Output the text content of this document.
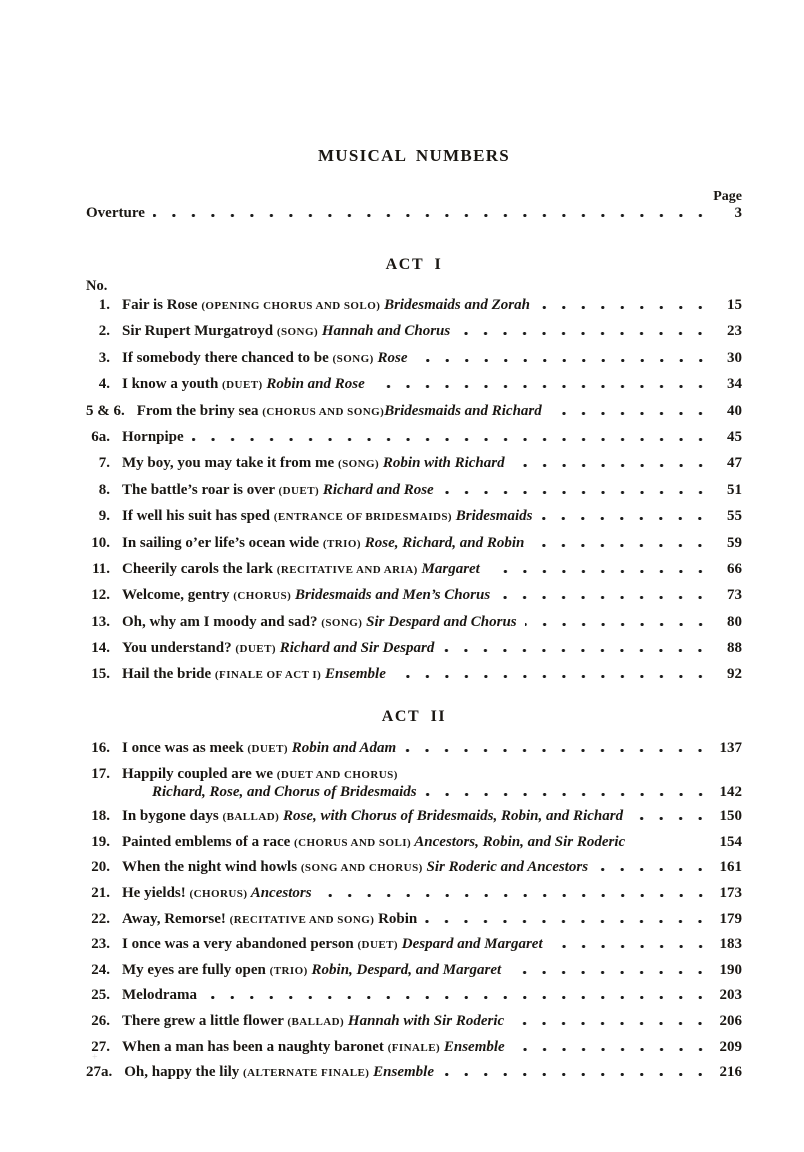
MUSICAL NUMBERS
Page
Overture	3
ACT I
No.
1. Fair is Rose (OPENING CHORUS AND SOLO) Bridesmaids and Zorah	15
2. Sir Rupert Murgatroyd (SONG) Hannah and Chorus	23
3. If somebody there chanced to be (SONG) Rose	30
4. I know a youth (DUET) Robin and Rose	34
5 & 6. From the briny sea (CHORUS AND SONG)Bridesmaids and Richard	40
6a. Hornpipe	45
7. My boy, you may take it from me (SONG) Robin with Richard	47
8. The battle’s roar is over (DUET) Richard and Rose	51
9. If well his suit has sped (ENTRANCE OF BRIDESMAIDS) Bridesmaids	55
10. In sailing o’er life’s ocean wide (TRIO) Rose, Richard, and Robin	59
11. Cheerily carols the lark (RECITATIVE AND ARIA) Margaret	66
12. Welcome, gentry (CHORUS) Bridesmaids and Men’s Chorus	73
13. Oh, why am I moody and sad? (SONG) Sir Despard and Chorus	80
14. You understand? (DUET) Richard and Sir Despard	88
15. Hail the bride (FINALE OF ACT I) Ensemble	92
ACT II
16. I once was as meek (DUET) Robin and Adam	137
17. Happily coupled are we (DUET AND CHORUS)
Richard, Rose, and Chorus of Bridesmaids	142
18. In bygone days (BALLAD) Rose, with Chorus of Bridesmaids, Robin, and Richard	150
19. Painted emblems of a race (CHORUS AND SOLI) Ancestors, Robin, and Sir Roderic	154
20. When the night wind howls (SONG AND CHORUS) Sir Roderic and Ancestors	161
21. He yields! (CHORUS) Ancestors	173
22. Away, Remorse! (RECITATIVE AND SONG) Robin	179
23. I once was a very abandoned person (DUET) Despard and Margaret	183
24. My eyes are fully open (TRIO) Robin, Despard, and Margaret	190
25. Melodrama	203
26. There grew a little flower (BALLAD) Hannah with Sir Roderic	206
27. When a man has been a naughty baronet (FINALE) Ensemble	209
27a. Oh, happy the lily (ALTERNATE FINALE) Ensemble	216
+
